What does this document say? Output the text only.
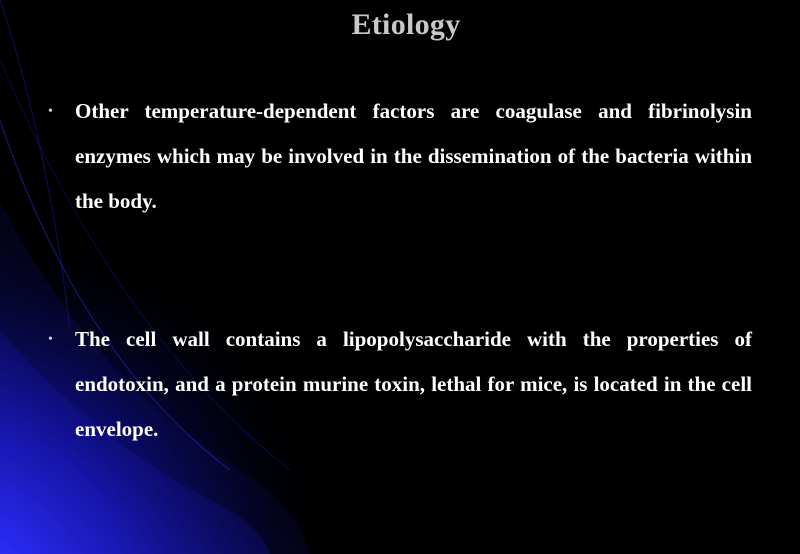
Etiology
• Other temperature-dependent factors are coagulase and fibrinolysin enzymes which may be involved in the dissemination of the bacteria within the body.

• The cell wall contains a lipopolysaccharide with the properties of endotoxin, and a protein murine toxin, lethal for mice, is located in the cell envelope.
